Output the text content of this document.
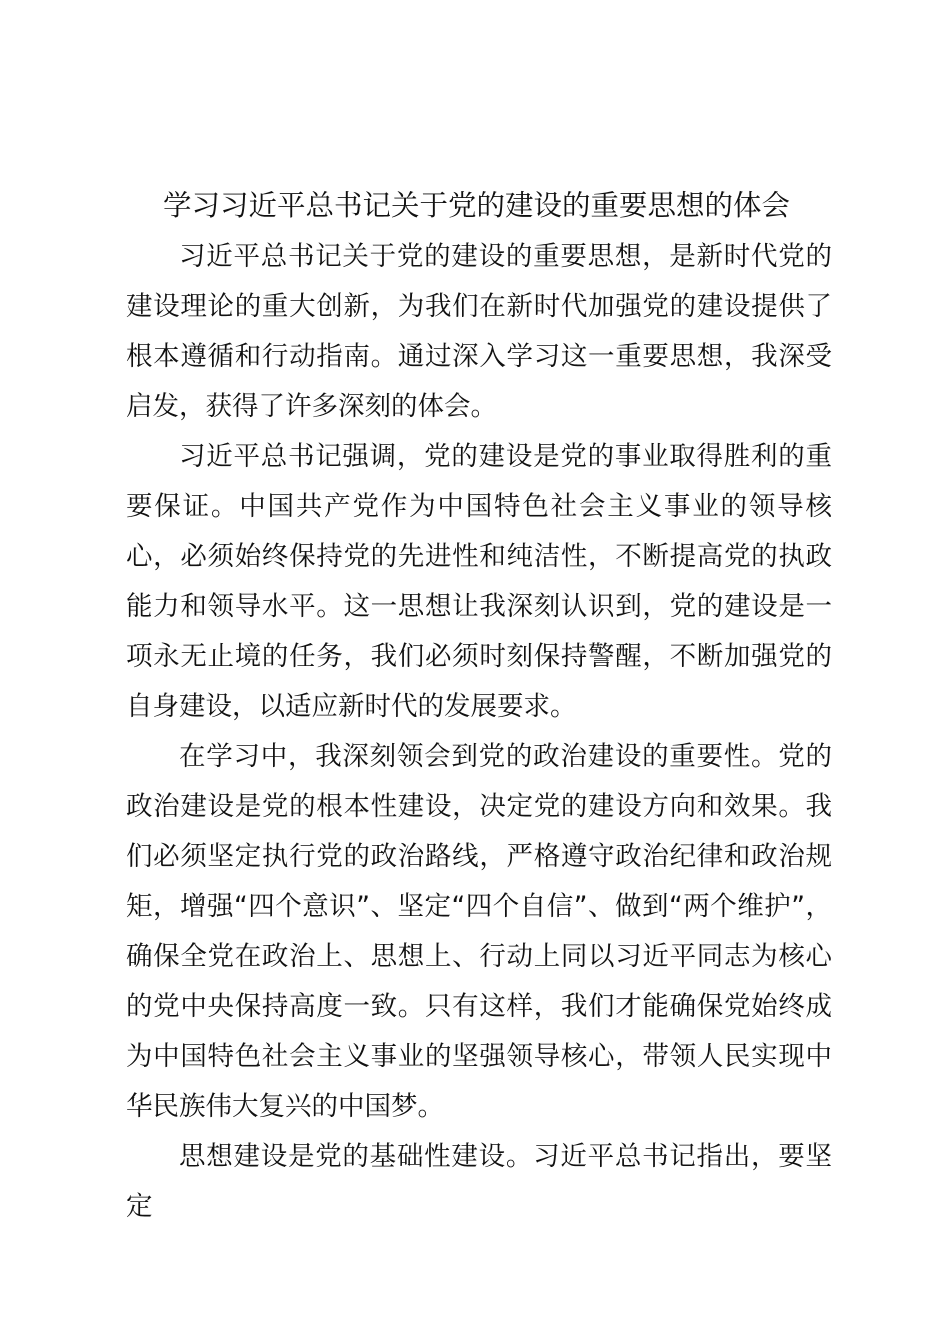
学习习近平总书记关于党的建设的重要思想的体会

习近平总书记关于党的建设的重要思想，是新时代党的建设理论的重大创新，为我们在新时代加强党的建设提供了根本遵循和行动指南。通过深入学习这一重要思想，我深受启发，获得了许多深刻的体会。

习近平总书记强调，党的建设是党的事业取得胜利的重要保证。中国共产党作为中国特色社会主义事业的领导核心，必须始终保持党的先进性和纯洁性，不断提高党的执政能力和领导水平。这一思想让我深刻认识到，党的建设是一项永无止境的任务，我们必须时刻保持警醒，不断加强党的自身建设，以适应新时代的发展要求。

在学习中，我深刻领会到党的政治建设的重要性。党的政治建设是党的根本性建设，决定党的建设方向和效果。我们必须坚定执行党的政治路线，严格遵守政治纪律和政治规矩，增强“四个意识”、坚定“四个自信”、做到“两个维护”，确保全党在政治上、思想上、行动上同以习近平同志为核心的党中央保持高度一致。只有这样，我们才能确保党始终成为中国特色社会主义事业的坚强领导核心，带领人民实现中华民族伟大复兴的中国梦。

思想建设是党的基础性建设。习近平总书记指出，要坚定
